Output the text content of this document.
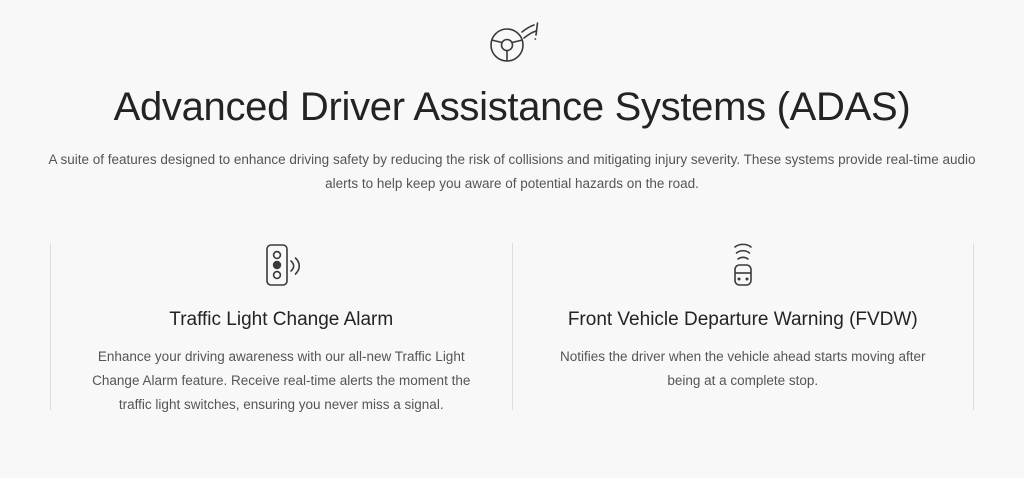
Advanced Driver Assistance Systems (ADAS)

A suite of features designed to enhance driving safety by reducing the risk of collisions and mitigating injury severity. These systems provide real-time audio alerts to help keep you aware of potential hazards on the road.

Traffic Light Change Alarm

Enhance your driving awareness with our all-new Traffic Light Change Alarm feature. Receive real-time alerts the moment the traffic light switches, ensuring you never miss a signal.

Front Vehicle Departure Warning (FVDW)

Notifies the driver when the vehicle ahead starts moving after being at a complete stop.
